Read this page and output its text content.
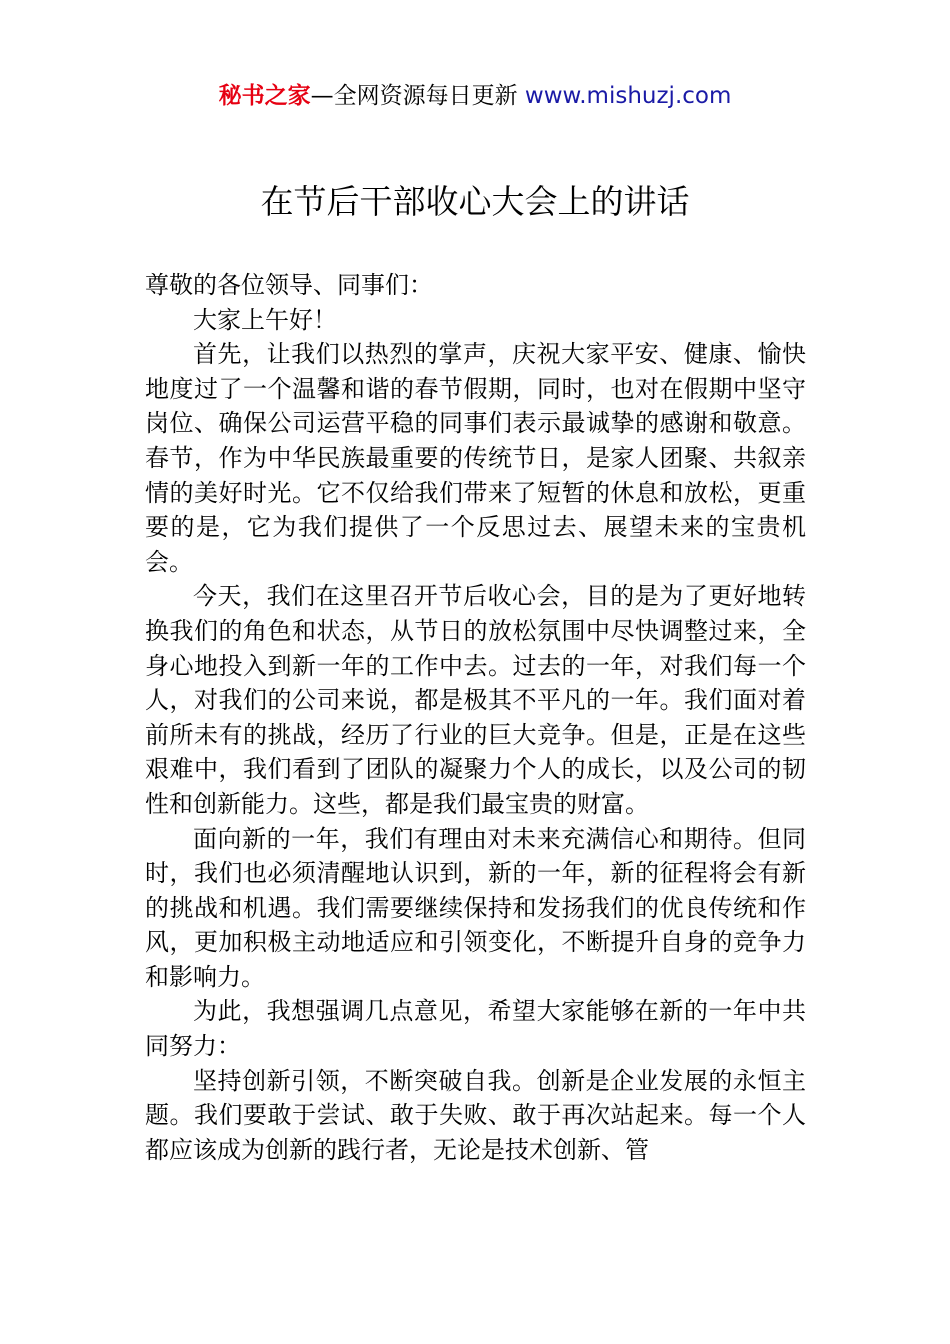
秘书之家—全网资源每日更新 www.mishuzj.com
在节后干部收心大会上的讲话

尊敬的各位领导、同事们：

大家上午好！

首先，让我们以热烈的掌声，庆祝大家平安、健康、愉快地度过了一个温馨和谐的春节假期，同时，也对在假期中坚守岗位、确保公司运营平稳的同事们表示最诚挚的感谢和敬意。春节，作为中华民族最重要的传统节日，是家人团聚、共叙亲情的美好时光。它不仅给我们带来了短暂的休息和放松，更重要的是，它为我们提供了一个反思过去、展望未来的宝贵机会。

今天，我们在这里召开节后收心会，目的是为了更好地转换我们的角色和状态，从节日的放松氛围中尽快调整过来，全身心地投入到新一年的工作中去。过去的一年，对我们每一个人，对我们的公司来说，都是极其不平凡的一年。我们面对着前所未有的挑战，经历了行业的巨大竞争。但是，正是在这些艰难中，我们看到了团队的凝聚力个人的成长，以及公司的韧性和创新能力。这些，都是我们最宝贵的财富。

面向新的一年，我们有理由对未来充满信心和期待。但同时，我们也必须清醒地认识到，新的一年，新的征程将会有新的挑战和机遇。我们需要继续保持和发扬我们的优良传统和作风，更加积极主动地适应和引领变化，不断提升自身的竞争力和影响力。

为此，我想强调几点意见，希望大家能够在新的一年中共同努力：

坚持创新引领，不断突破自我。创新是企业发展的永恒主题。我们要敢于尝试、敢于失败、敢于再次站起来。每一个人都应该成为创新的践行者，无论是技术创新、管
